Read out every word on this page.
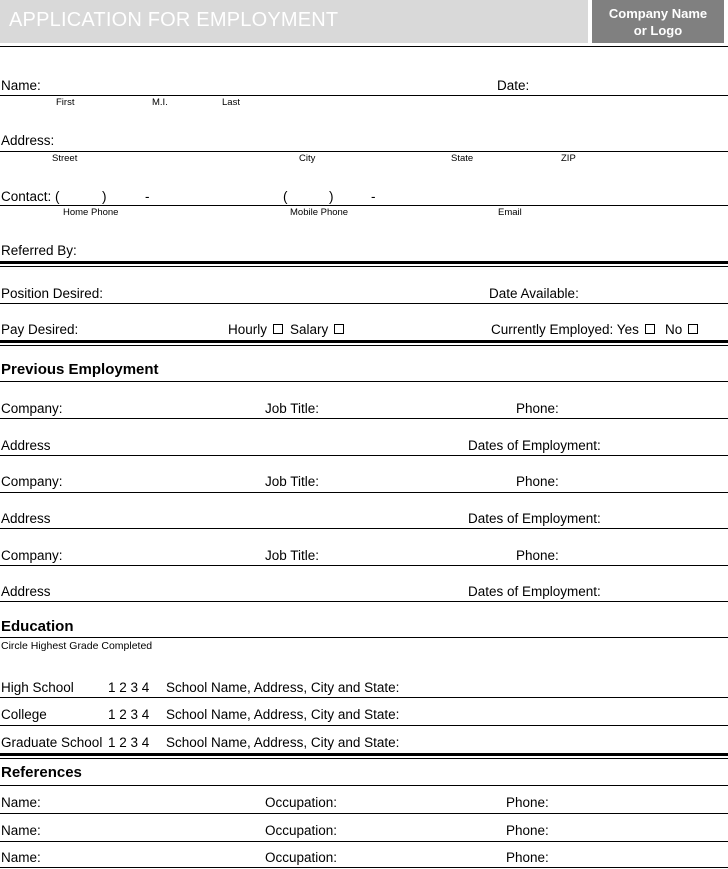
APPLICATION FOR EMPLOYMENT	Company Name
or Logo
Name:	Date:
First	M.I.	Last
Address:
Street	City	State	ZIP
Contact: (	)	-	(	)	-
Home Phone	Mobile Phone	Email
Referred By:
Position Desired:	Date Available:
Pay Desired:	Hourly	Salary	Currently Employed: Yes	No
Previous Employment
Company:	Job Title:	Phone:
Address	Dates of Employment:
Company:	Job Title:	Phone:
Address	Dates of Employment:
Company:	Job Title:	Phone:
Address	Dates of Employment:
Education
Circle Highest Grade Completed
High School	1 2 3 4 School Name, Address, City and State:
College	1 2 3 4 School Name, Address, City and State:
Graduate School 1 2 3 4 School Name, Address, City and State:
References
Name:	Occupation:	Phone:
Name:	Occupation:	Phone:
Name:	Occupation:	Phone:
